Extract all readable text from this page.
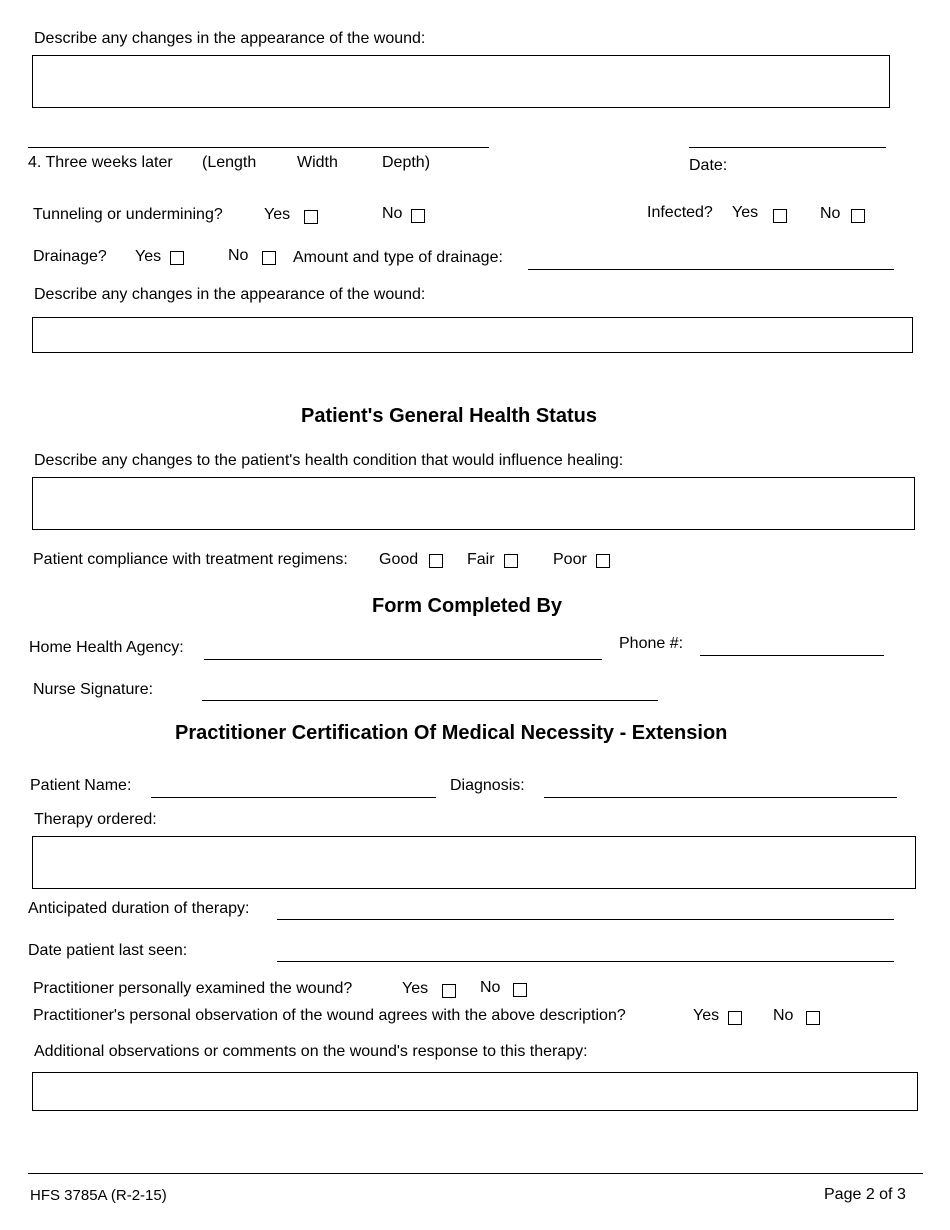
Describe any changes in the appearance of the wound:
4. Three weeks later (Length	Width	Depth)	Date:
Tunneling or undermining?	Yes	No	Infected? Yes	No
Drainage? Yes	No	Amount and type of drainage:
Describe any changes in the appearance of the wound:
Patient's General Health Status
Describe any changes to the patient's health condition that would influence healing:
Patient compliance with treatment regimens: Good	Fair	Poor
Form Completed By
Home Health Agency:	Phone #:
Nurse Signature:
Practitioner Certification Of Medical Necessity - Extension
Patient Name:	Diagnosis:
Therapy ordered:
Anticipated duration of therapy:
Date patient last seen:
Practitioner personally examined the wound?	Yes	No
Practitioner's personal observation of the wound agrees with the above description?	Yes	No
Additional observations or comments on the wound's response to this therapy:
HFS 3785A (R-2-15)	Page 2 of 3
